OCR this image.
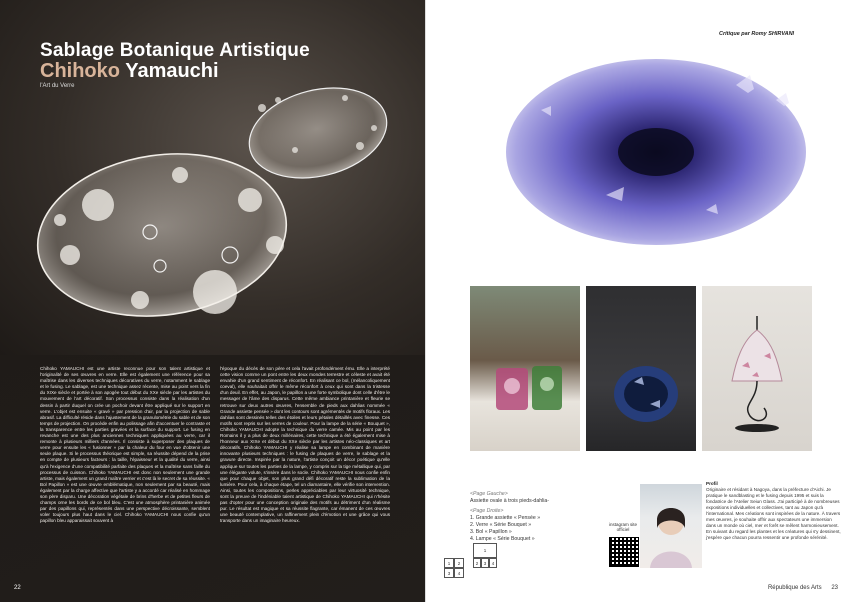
Sablage Botanique Artistique
Chihoko Yamauchi
l'Art du Verre

Chihoko YAMAUCHI est une artiste reconnue pour son talent artistique et l'originalité de ses œuvres en verre. Elle est également une référence pour sa maîtrise dans les diverses techniques décoratives du verre, notamment le sablage et le fusing. Le sablage, est une technique assez récente, mise au point vers la fin du XIXe siècle et portée à son apogée tout début du XXe siècle par les artistes du mouvement de l'art décoratif. Son processus consiste dans la réalisation d'un dessin à partir duquel on crée un pochoir devant être appliqué sur le support en verre. L'objet est ensuite « gravé » par pression d'air, par la projection de sable abrasif. La difficulté réside dans l'ajustement de la granulométrie du sable et de son temps de projection. On procède enfin au polissage afin d'accentuer le contraste et la transparence entre les parties gravées et la surface du support. Le fusing en revanche est une des plus anciennes techniques appliquées au verre, car il remonte à plusieurs milliers d'années. Il consiste à superposer des plaques de verre pour ensuite les « fusionner » par la chaleur du four en vue d'obtenir une seule plaque. Si le processus théorique est simple, sa réussite dépend de la prise en compte de plusieurs facteurs : la taille, l'épaisseur et la qualité du verre, ainsi qu'à l'exigence d'une compatibilité parfaite des plaques et la maîtrise sans faille du processus de cuisson. Chihoko YAMAUCHI est donc non seulement une grande artiste, mais également un grand maître verrier et c'est là le secret de sa réussite. « Bol Papillon » est une œuvre emblématique, non seulement par sa beauté, mais également par la charge affective que l'artiste y a accordé car réalisé en hommage son père disparu. Une décoration végétale de brins d'herbe et de petites fleurs de champs orne les bords de ce bol bleu. C'est une atmosphère printanière animée par des papillons qui, représentés dans une perspective décroissante, semblent voler toujours plus haut dans le ciel. Chihoko YAMAUCHI nous confie qu'un papillon bleu apparaissait souvent à

l'époque du décès de son père et cela l'avait profondément ému. Elle a interprété cette vision comme un pont entre les deux mondes terrestre et céleste et avait été envahie d'un grand sentiment de réconfort. En réalisant ce bol, (mélancoliquement coeval), elle souhaitait offrir le même réconfort à ceux qui sont dans la tristesse d'un deuil. En effet, au Japon, le papillon a une forte symbolique dont celle d'être le messager de l'âme des disparus. Cette même ambiance printanière et fleurie se retrouve sur deux autres œuvres, l'ensemble de pieds aux dahlias nommée « Grande assiette pensée » dont les contours sont agrémentés de motifs floraux. Les dahlias sont dessinés telles des étoiles et leurs pétales détaillés avec finesse. Ces motifs sont repris sur les verres de couleur. Pour la lampe de la série « Bouquet », Chihoko YAMAUCHI adopte la technique du verre camée. Mis au point par les Romains il y a plus de deux millénaires, cette technique a été également mise à l'honneur aux XIXe et début du XXe siècle par les artistes néo-classiques et art décoratifs. Chihoko YAMAUCHI y réalise sa lampe en combinant de manière innovante plusieurs techniques : le fusing de plaques de verre, le sablage et la gravure directe. Inspirée par la nature, l'artiste conçoit un décor poétique qu'elle applique sur toutes les parties de la lampe, y compris sur la tige métallique qui, par une élégante volute, s'insère dans le socle. Chihoko YAMAUCHI nous confie enfin que pour chaque objet, son plus grand défi décoratif reste la sublimation de la lumière. Pour cela, à chaque étape, tel un diamantaire, elle vérifie son intervention. Ainsi, toutes les compositions, perles appréciables par leur virtuosité technique, sont la preuve de l'indéniable talent artistique de Chihoko YAMAUCHI qui n'hésite pas d'opter pour une conception originale des motifs au détriment d'un réalisme pur. Le résultat est magique et sa réussite flagrante, car émanent de ces œuvres une beauté contemplative, un raffinement plein d'émotion et une grâce qui vous transporte dans un imaginaire heureux.

22
Critique par Romy SHIRVANI
<Page Gauche>
Assiette ovale à trois pieds-dahlia-
<Page Droite>
1. Grande assiette « Pensée »
2. Verre « Série Bouquet »
3. Bol « Papillon »
4. Lampe « Série Bouquet »
1	2
3	4
1
2	3	4
instagram site officiel

Profil

Originaire et résidant à Nagoya, dans la préfecture d'Aichi. Je pratique le sandblasting et le fusing depuis 1995 et suis la fondatrice de l'Atelier Seiun Glass. J'ai participé à de nombreuses expositions individuelles et collectives, tant au Japon qu'à l'international. Mes créations sont inspirées de la nature. À travers mes œuvres, je souhaite offrir aux spectateurs une immersion dans un monde où ciel, mer et forêt se mêlent harmonieusement. En suivant du regard les plantes et les créatures qui s'y dessinent, j'espère que chacun pourra ressentir une profonde sérénité.

République des Arts 23
